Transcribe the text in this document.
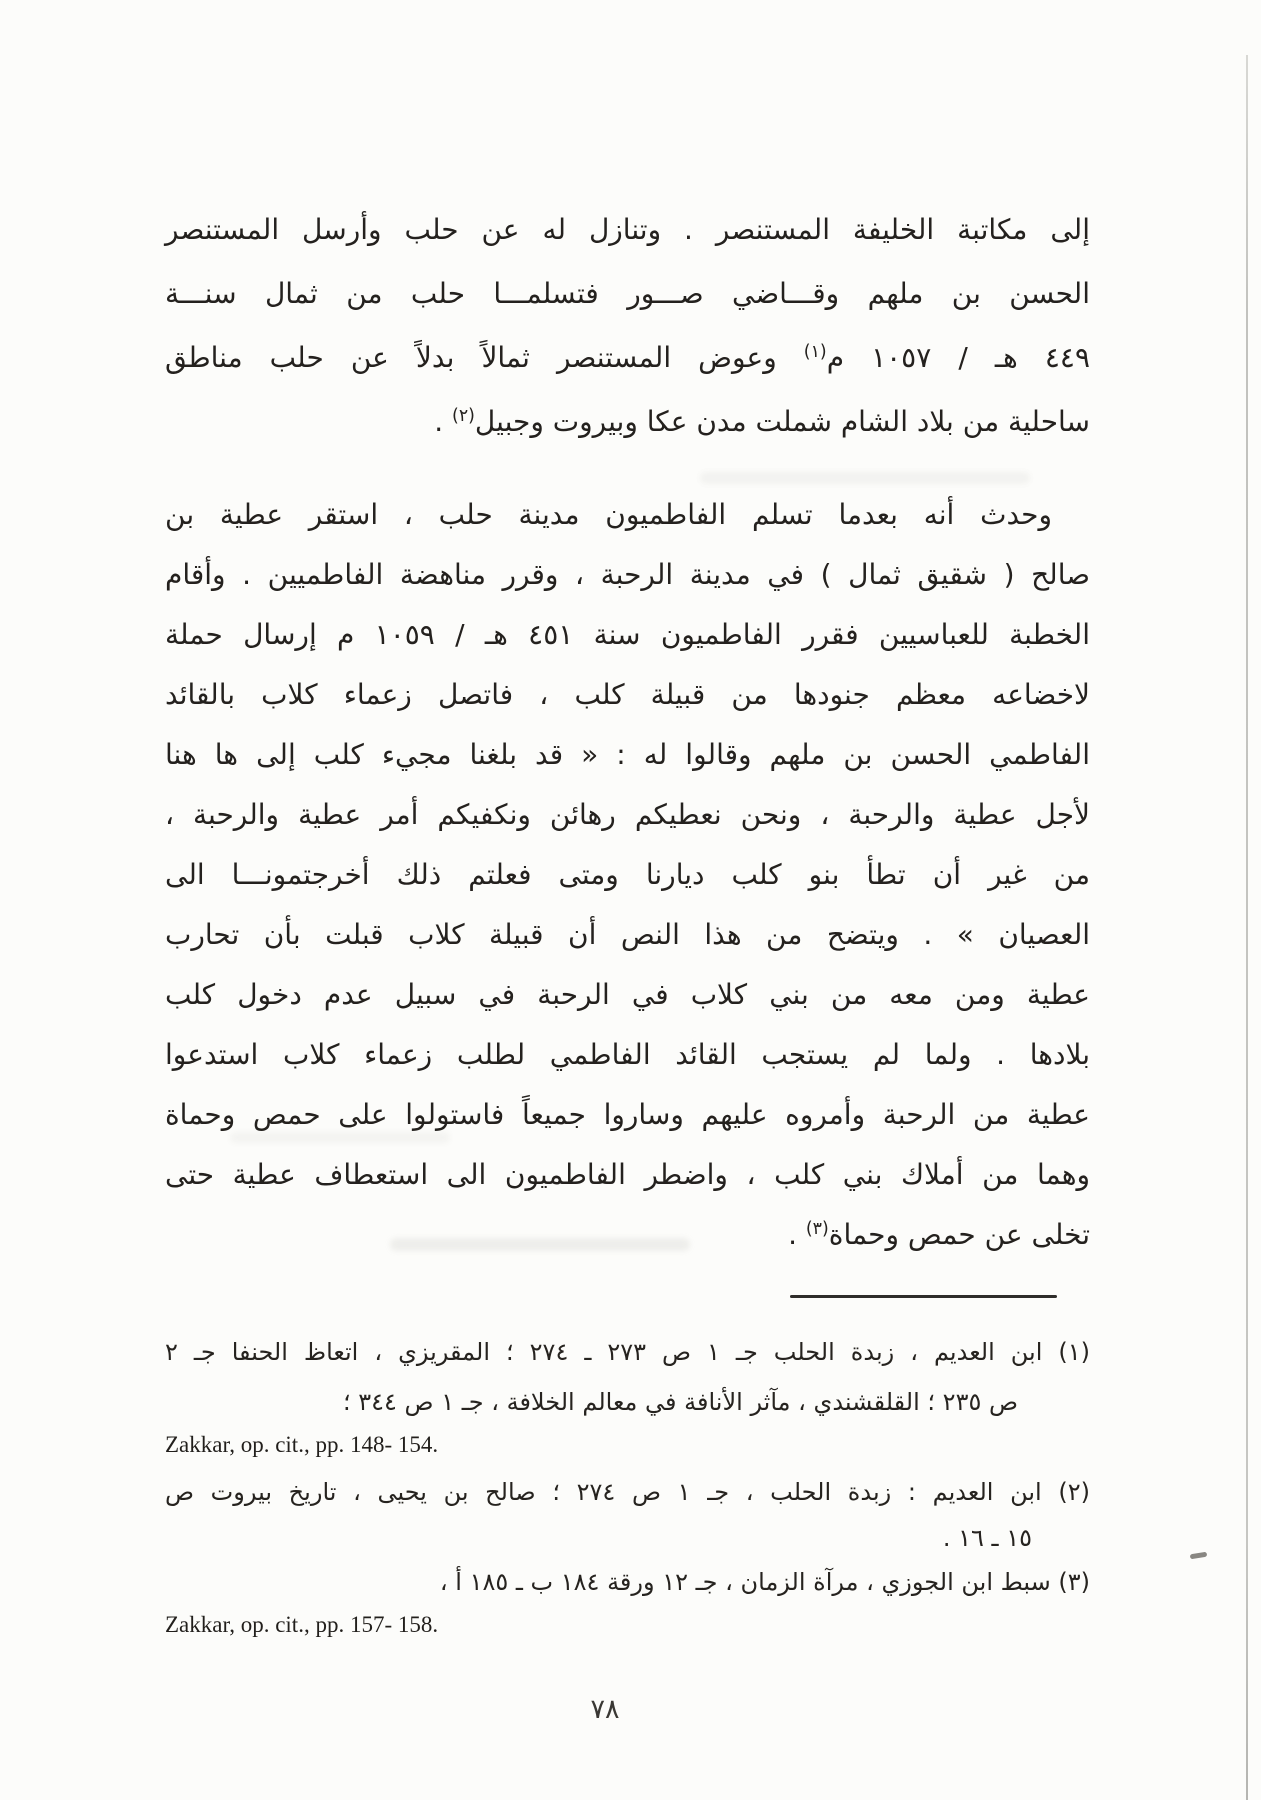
إلى مكاتبة الخليفة المستنصر . وتنازل له عن حلب وأرسل المستنصر
الحسن بن ملهم وقـــاضي صـــور فتسلمـــا حلب من ثمال سنـــة
٤٤٩ هـ / ١٠٥٧ م$^{(١)}$ وعوض المستنصر ثمالاً بدلاً عن حلب مناطق
ساحلية من بلاد الشام شملت مدن عكا وبيروت وجبيل$^{(٢)}$ .
وحدث أنه بعدما تسلم الفاطميون مدينة حلب ، استقر عطية بن
صالح ( شقيق ثمال ) في مدينة الرحبة ، وقرر مناهضة الفاطميين . وأقام
الخطبة للعباسيين فقرر الفاطميون سنة ٤٥١ هـ / ١٠٥٩ م إرسال حملة
لاخضاعه معظم جنودها من قبيلة كلب ، فاتصل زعماء كلاب بالقائد
الفاطمي الحسن بن ملهم وقالوا له : « قد بلغنا مجيء كلب إلى ها هنا
لأجل عطية والرحبة ، ونحن نعطيكم رهائن ونكفيكم أمر عطية والرحبة ،
من غير أن تطأ بنو كلب ديارنا ومتى فعلتم ذلك أخرجتمونـــا الى
العصيان » . ويتضح من هذا النص أن قبيلة كلاب قبلت بأن تحارب
عطية ومن معه من بني كلاب في الرحبة في سبيل عدم دخول كلب
بلادها . ولما لم يستجب القائد الفاطمي لطلب زعماء كلاب استدعوا
عطية من الرحبة وأمروه عليهم وساروا جميعاً فاستولوا على حمص وحماة
وهما من أملاك بني كلب ، واضطر الفاطميون الى استعطاف عطية حتى
تخلى عن حمص وحماة$^{(٣)}$ .
(١) ابن العديم ، زبدة الحلب جـ ١ ص ٢٧٣ ـ ٢٧٤ ؛ المقريزي ، اتعاظ الحنفا جـ ٢
ص ٢٣٥ ؛ القلقشندي ، مآثر الأنافة في معالم الخلافة ، جـ ١ ص ٣٤٤ ؛
Zakkar, op. cit., pp. 148- 154.
(٢) ابن العديم : زبدة الحلب ، جـ ١ ص ٢٧٤ ؛ صالح بن يحيى ، تاريخ بيروت ص
١٥ ـ ١٦ .
(٣) سبط ابن الجوزي ، مرآة الزمان ، جـ ١٢ ورقة ١٨٤ ب ـ ١٨٥ أ ،
Zakkar, op. cit., pp. 157- 158.
٧٨
